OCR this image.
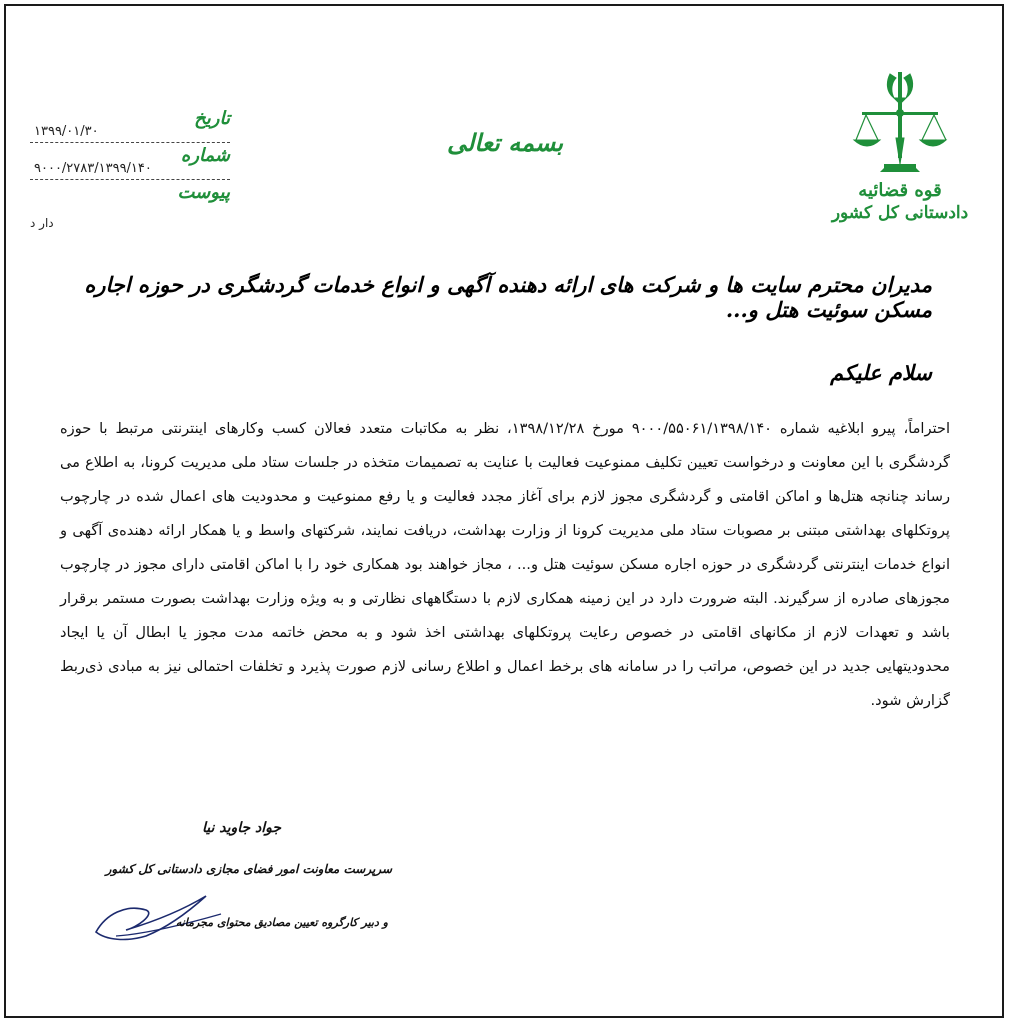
قوه قضائیه
دادستانی کل کشور
بسمه تعالی
تاریخ
۱۳۹۹/۰۱/۳۰
شماره
۹۰۰۰/۲۷۸۳/۱۳۹۹/۱۴۰
پیوست
دار د
مدیران محترم سایت ها و شرکت های ارائه دهنده آگهی و انواع خدمات گردشگری در حوزه اجاره مسکن سوئیت هتل و...
سلام علیکم
احتراماً، پیرو ابلاغیه شماره ۹۰۰۰/۵۵۰۶۱/۱۳۹۸/۱۴۰ مورخ ۱۳۹۸/۱۲/۲۸، نظر به مکاتبات متعدد فعالان کسب وکارهای اینترنتی مرتبط با حوزه گردشگری با این معاونت و درخواست تعیین تکلیف ممنوعیت فعالیت با عنایت به تصمیمات متخذه در جلسات ستاد ملی مدیریت کرونا، به اطلاع می رساند چنانچه هتل‌ها و اماکن اقامتی و گردشگری مجوز لازم برای آغاز مجدد فعالیت و یا رفع ممنوعیت و محدودیت های اعمال شده در چارچوب پروتکلهای بهداشتی مبتنی بر مصوبات ستاد ملی مدیریت کرونا از وزارت بهداشت، دریافت نمایند، شرکتهای واسط و یا همکار ارائه دهنده‌ی آگهی و انواع خدمات اینترنتی گردشگری در حوزه اجاره مسکن سوئیت هتل و... ، مجاز خواهند بود همکاری خود را با اماکن اقامتی دارای مجوز در چارچوب مجوزهای صادره از سرگیرند. البته ضرورت دارد در این زمینه همکاری لازم با دستگاههای نظارتی و به ویژه وزارت بهداشت بصورت مستمر برقرار باشد و تعهدات لازم از مکانهای اقامتی در خصوص رعایت پروتکلهای بهداشتی اخذ شود و به محض خاتمه مدت مجوز یا ابطال آن یا ایجاد محدودیتهایی جدید در این خصوص، مراتب را در سامانه های برخط اعمال و اطلاع رسانی لازم صورت پذیرد و تخلفات احتمالی نیز به مبادی ذی‌ربط گزارش شود.
جواد جاوید نیا
سرپرست معاونت امور فضای مجازی دادستانی کل کشور
و دبیر کارگروه تعیین مصادیق محتوای مجرمانه
